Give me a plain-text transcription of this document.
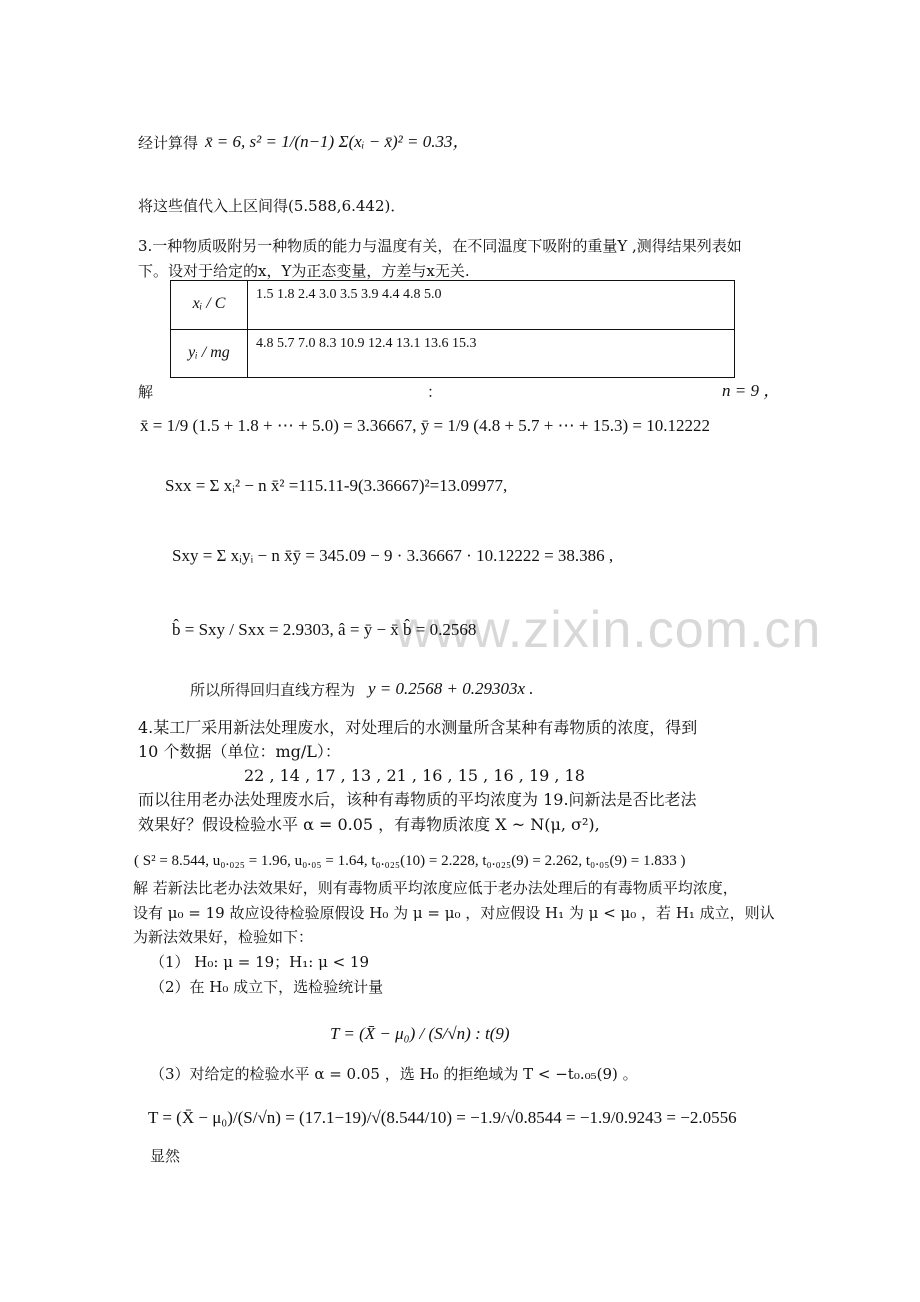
www.zixin.com.cn
经计算得 x̄ = 6, s² = 1/(n−1) Σ(xᵢ − x̄)² = 0.33，
将这些值代入上区间得(5.588,6.442)．
3.一种物质吸附另一种物质的能力与温度有关，在不同温度下吸附的重量Y ,测得结果列表如
下。设对于给定的x，Y为正态变量，方差与x无关.
xᵢ / C	1.5 1.8 2.4 3.0 3.5 3.9 4.4 4.8 5.0
yᵢ / mg	4.8 5.7 7.0 8.3 10.9 12.4 13.1 13.6 15.3
解	：	n = 9 ，
x̄ = 1/9 (1.5 + 1.8 + ⋯ + 5.0) = 3.36667, ȳ = 1/9 (4.8 + 5.7 + ⋯ + 15.3) = 10.12222
Sxx = Σ xᵢ² − n x̄² =115.11-9(3.36667)²=13.09977,
Sxy = Σ xᵢyᵢ − n x̄ȳ = 345.09 − 9 · 3.36667 · 10.12222 = 38.386 ,
b̂ = Sxy / Sxx = 2.9303, â = ȳ − x̄ b̂ = 0.2568
所以所得回归直线方程为 y = 0.2568 + 0.29303x .
4.某工厂采用新法处理废水，对处理后的水测量所含某种有毒物质的浓度，得到
10 个数据（单位：mg/L）：
22 , 14 , 17 , 13 , 21 , 16 , 15 , 16 , 19 , 18
而以往用老办法处理废水后，该种有毒物质的平均浓度为 19.问新法是否比老法
效果好？假设检验水平 α = 0.05 ，有毒物质浓度 X ~ N(μ, σ²),
( S² = 8.544, u₀.₀₂₅ = 1.96, u₀.₀₅ = 1.64, t₀.₀₂₅(10) = 2.228, t₀.₀₂₅(9) = 2.262, t₀.₀₅(9) = 1.833 )
解 若新法比老办法效果好，则有毒物质平均浓度应低于老办法处理后的有毒物质平均浓度，
设有 μ₀ = 19 故应设待检验原假设 H₀ 为 μ = μ₀ ，对应假设 H₁ 为 μ < μ₀ ，若 H₁ 成立，则认
为新法效果好，检验如下：
（1） H₀: μ = 19；H₁: μ < 19
（2）在 H₀ 成立下，选检验统计量
T = (X̄ − μ₀) / (S/√n) : t(9)
（3）对给定的检验水平 α = 0.05 ，选 H₀ 的拒绝域为 T < −t₀.₀₅(9) 。
T = (X̄ − μ₀)/(S/√n) = (17.1−19)/√(8.544/10) = −1.9/√0.8544 = −1.9/0.9243 = −2.0556
显然
